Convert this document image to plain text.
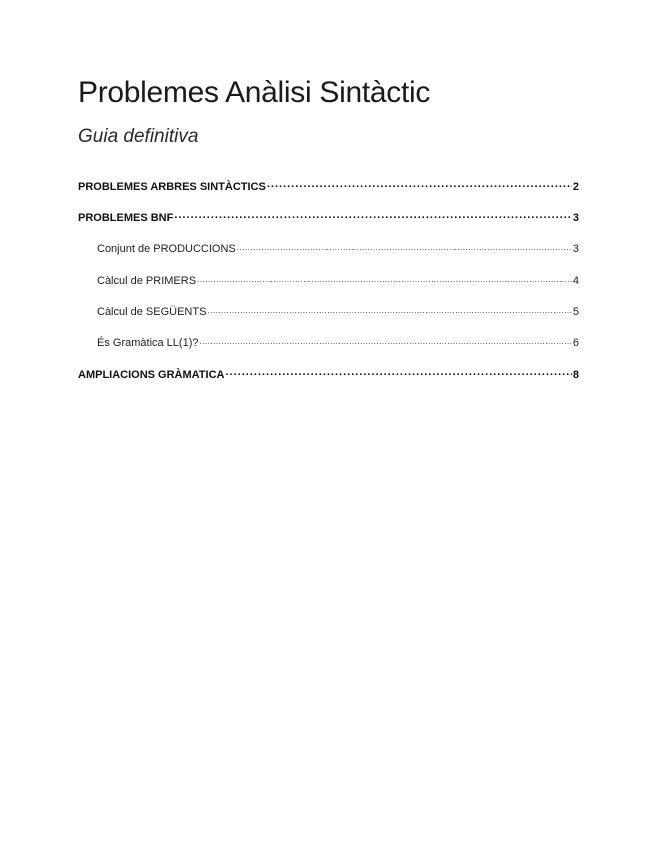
Problemes Anàlisi Sintàctic
Guia definitiva
PROBLEMES ARBRES SINTÀCTICS .....	2
PROBLEMES BNF .....	3
Conjunt de PRODUCCIONS .....	3
Càlcul de PRIMERS .....	4
Càlcul de SEGÜENTS .....	5
És Gramàtica LL(1)? .....	6
AMPLIACIONS GRÀMATICA .....	8
